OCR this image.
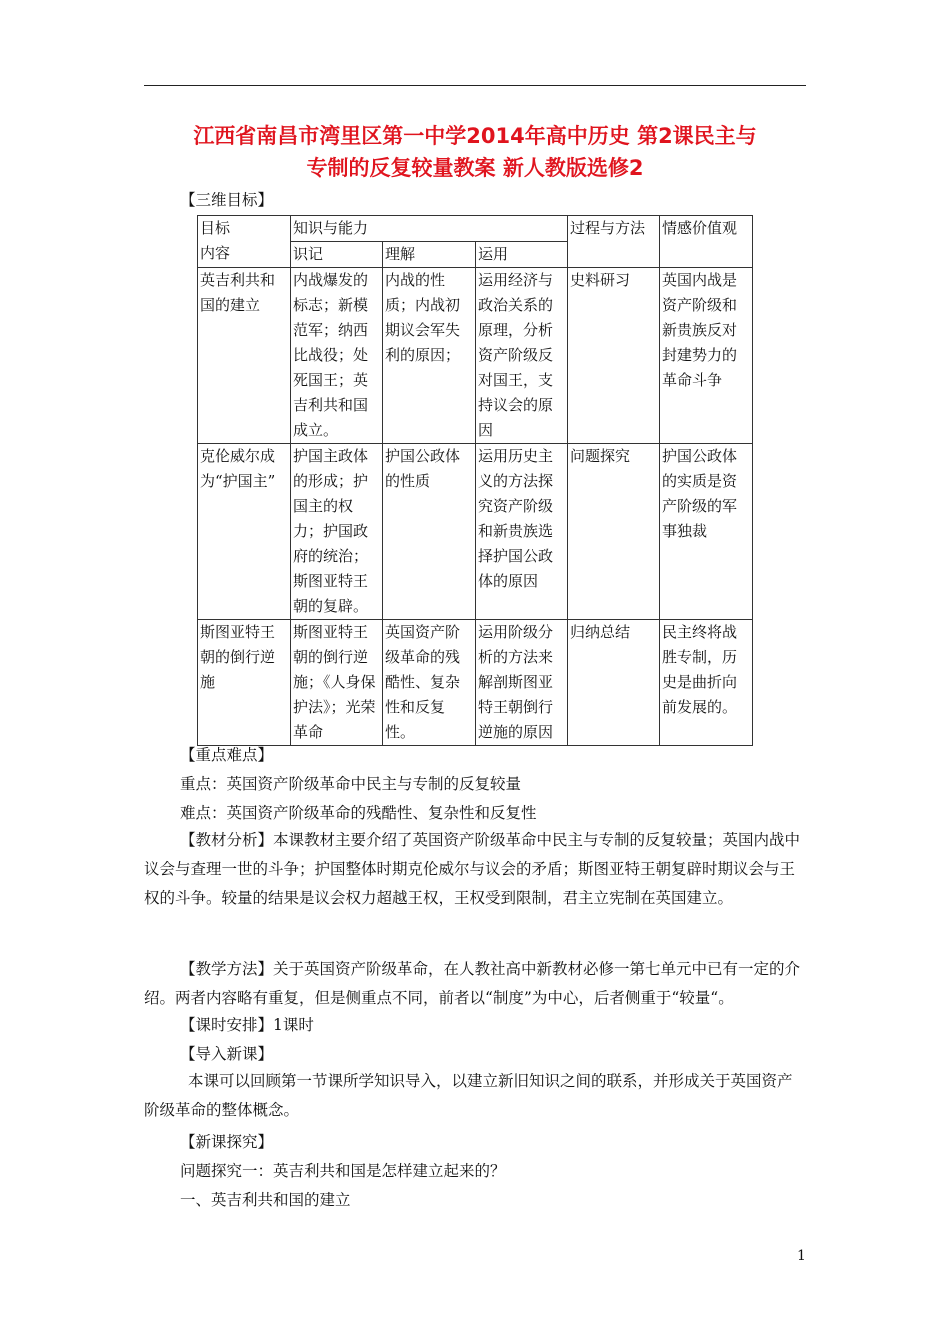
江西省南昌市湾里区第一中学2014年高中历史 第2课民主与
专制的反复较量教案 新人教版选修2
【三维目标】
目标
内容	知识与能力			过程与方法	情感价值观
	识记	理解	运用		
英吉利共和国的建立	内战爆发的标志；新模范军；纳西比战役；处死国王；英吉利共和国成立。	内战的性质；内战初期议会军失利的原因；	运用经济与政治关系的原理，分析资产阶级反对国王，支持议会的原因	史料研习	英国内战是资产阶级和新贵族反对封建势力的革命斗争
克伦威尔成为“护国主”	护国主政体的形成；护国主的权力；护国政府的统治；斯图亚特王朝的复辟。	护国公政体的性质	运用历史主义的方法探究资产阶级和新贵族选择护国公政体的原因	问题探究	护国公政体的实质是资产阶级的军事独裁
斯图亚特王朝的倒行逆施	斯图亚特王朝的倒行逆施；《人身保护法》；光荣革命	英国资产阶级革命的残酷性、复杂性和反复性。	运用阶级分析的方法来解剖斯图亚特王朝倒行逆施的原因	归纳总结	民主终将战胜专制，历史是曲折向前发展的。
【重点难点】
重点：英国资产阶级革命中民主与专制的反复较量
难点：英国资产阶级革命的残酷性、复杂性和反复性
【教材分析】本课教材主要介绍了英国资产阶级革命中民主与专制的反复较量；英国内战中议会与查理一世的斗争；护国整体时期克伦威尔与议会的矛盾；斯图亚特王朝复辟时期议会与王权的斗争。较量的结果是议会权力超越王权，王权受到限制，君主立宪制在英国建立。
【教学方法】关于英国资产阶级革命，在人教社高中新教材必修一第七单元中已有一定的介绍。两者内容略有重复，但是侧重点不同，前者以“制度”为中心，后者侧重于“较量“。
【课时安排】1课时
【导入新课】
本课可以回顾第一节课所学知识导入，以建立新旧知识之间的联系，并形成关于英国资产阶级革命的整体概念。
【新课探究】
问题探究一：英吉利共和国是怎样建立起来的？
一、英吉利共和国的建立
1
